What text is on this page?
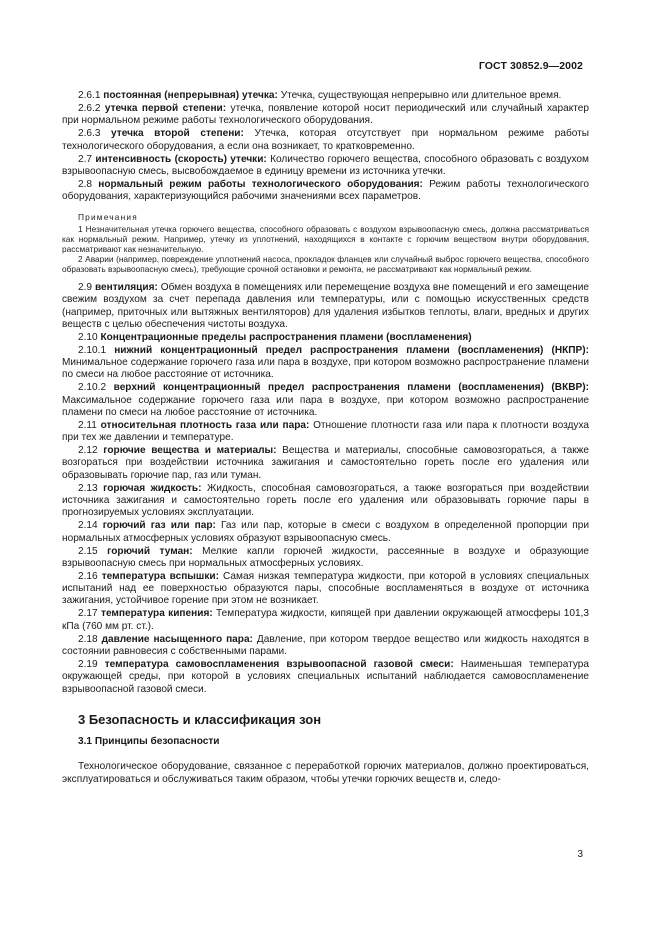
ГОСТ 30852.9—2002

2.6.1 постоянная (непрерывная) утечка: Утечка, существующая непрерывно или длительное время.

2.6.2 утечка первой степени: утечка, появление которой носит периодический или случайный характер при нормальном режиме работы технологического оборудования.

2.6.3 утечка второй степени: Утечка, которая отсутствует при нормальном режиме работы технологического оборудования, а если она возникает, то кратковременно.

2.7 интенсивность (скорость) утечки: Количество горючего вещества, способного образовать с воздухом взрывоопасную смесь, высвобождаемое в единицу времени из источника утечки.

2.8 нормальный режим работы технологического оборудования: Режим работы технологического оборудования, характеризующийся рабочими значениями всех параметров.

Примечания

1 Незначительная утечка горючего вещества, способного образовать с воздухом взрывоопасную смесь, должна рассматриваться как нормальный режим. Например, утечку из уплотнений, находящихся в контакте с горючим веществом внутри оборудования, рассматривают как незначительную.

2 Аварии (например, повреждение уплотнений насоса, прокладок фланцев или случайный выброс горючего вещества, способного образовать взрывоопасную смесь), требующие срочной остановки и ремонта, не рассматривают как нормальный режим.

2.9 вентиляция: Обмен воздуха в помещениях или перемещение воздуха вне помещений и его замещение свежим воздухом за счет перепада давления или температуры, или с помощью искусственных средств (например, приточных или вытяжных вентиляторов) для удаления избытков теплоты, влаги, вредных и других веществ с целью обеспечения чистоты воздуха.

2.10 Концентрационные пределы распространения пламени (воспламенения)

2.10.1 нижний концентрационный предел распространения пламени (воспламенения) (НКПР): Минимальное содержание горючего газа или пара в воздухе, при котором возможно распространение пламени по смеси на любое расстояние от источника.

2.10.2 верхний концентрационный предел распространения пламени (воспламенения) (ВКВР): Максимальное содержание горючего газа или пара в воздухе, при котором возможно распространение пламени по смеси на любое расстояние от источника.

2.11 относительная плотность газа или пара: Отношение плотности газа или пара к плотности воздуха при тех же давлении и температуре.

2.12 горючие вещества и материалы: Вещества и материалы, способные самовозгораться, а также возгораться при воздействии источника зажигания и самостоятельно гореть после его удаления или образовывать горючие пар, газ или туман.

2.13 горючая жидкость: Жидкость, способная самовозгораться, а также возгораться при воздействии источника зажигания и самостоятельно гореть после его удаления или образовывать горючие пары в прогнозируемых условиях эксплуатации.

2.14 горючий газ или пар: Газ или пар, которые в смеси с воздухом в определенной пропорции при нормальных атмосферных условиях образуют взрывоопасную смесь.

2.15 горючий туман: Мелкие капли горючей жидкости, рассеянные в воздухе и образующие взрывоопасную смесь при нормальных атмосферных условиях.

2.16 температура вспышки: Самая низкая температура жидкости, при которой в условиях специальных испытаний над ее поверхностью образуются пары, способные воспламеняться в воздухе от источника зажигания, устойчивое горение при этом не возникает.

2.17 температура кипения: Температура жидкости, кипящей при давлении окружающей атмосферы 101,3 кПа (760 мм рт. ст.).

2.18 давление насыщенного пара: Давление, при котором твердое вещество или жидкость находятся в состоянии равновесия с собственными парами.

2.19 температура самовоспламенения взрывоопасной газовой смеси: Наименьшая температура окружающей среды, при которой в условиях специальных испытаний наблюдается самовоспламенение взрывоопасной газовой смеси.

3 Безопасность и классификация зон
3.1 Принципы безопасности

Технологическое оборудование, связанное с переработкой горючих материалов, должно проектироваться, эксплуатироваться и обслуживаться таким образом, чтобы утечки горючих веществ и, следо-

3
